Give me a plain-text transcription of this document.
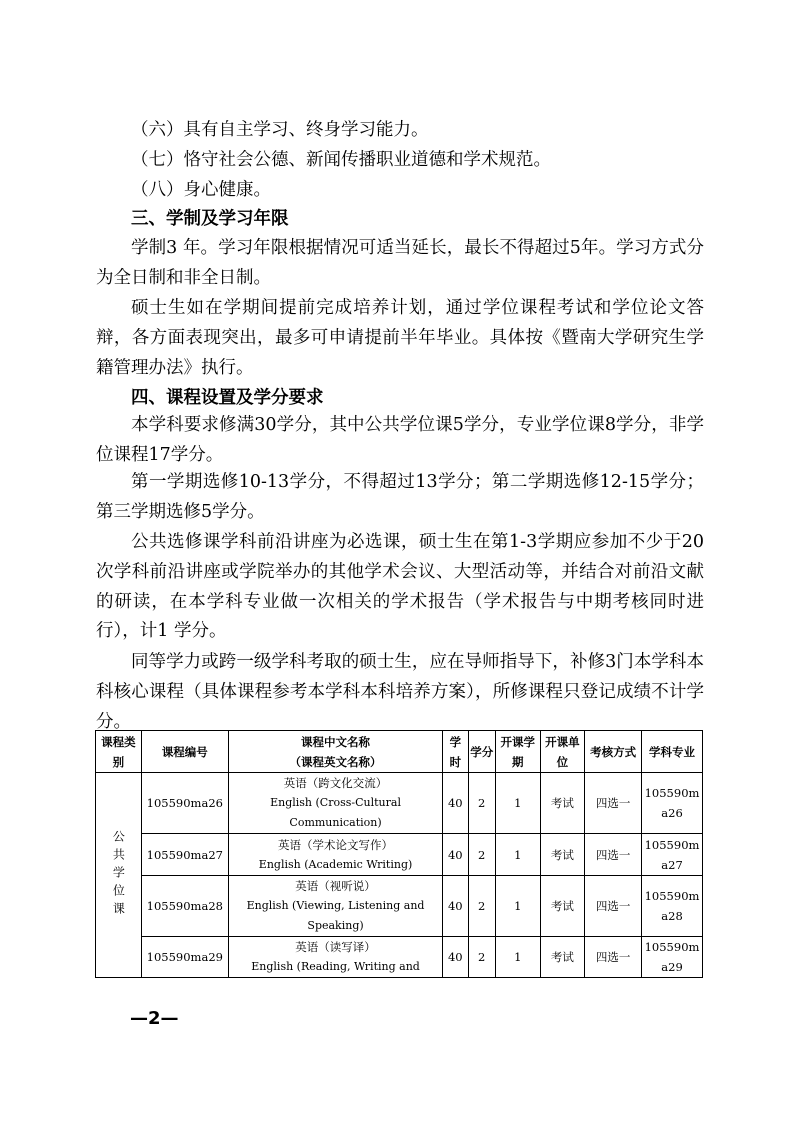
（六）具有自主学习、终身学习能力。

（七）恪守社会公德、新闻传播职业道德和学术规范。

（八）身心健康。

三、学制及学习年限

学制3 年。学习年限根据情况可适当延长，最长不得超过5年。学习方式分为全日制和非全日制。

硕士生如在学期间提前完成培养计划，通过学位课程考试和学位论文答辩，各方面表现突出，最多可申请提前半年毕业。具体按《暨南大学研究生学籍管理办法》执行。

四、课程设置及学分要求

本学科要求修满30学分，其中公共学位课5学分，专业学位课8学分，非学位课程17学分。

第一学期选修10-13学分，不得超过13学分；第二学期选修12-15学分；第三学期选修5学分。

公共选修课学科前沿讲座为必选课，硕士生在第1-3学期应参加不少于20次学科前沿讲座或学院举办的其他学术会议、大型活动等，并结合对前沿文献的研读，在本学科专业做一次相关的学术报告（学术报告与中期考核同时进行），计1 学分。

同等学力或跨一级学科考取的硕士生，应在导师指导下，补修3门本学科本科核心课程（具体课程参考本学科本科培养方案），所修课程只登记成绩不计学分。

课程类别	课程编号	课程中文名称
（课程英文名称）	学时	学分	开课学期	开课单位	考核方式	学科专业

公共学位课	105590ma26	英语（跨文化交流）
English (Cross-Cultural Communication)	40	2	1	考试	四选一	105590ma26
	105590ma27	英语（学术论文写作）
English (Academic Writing)	40	2	1	考试	四选一	105590ma27
	105590ma28	英语（视听说）
English (Viewing, Listening and Speaking)	40	2	1	考试	四选一	105590ma28
	105590ma29	英语（读写译）
English (Reading, Writing and	40	2	1	考试	四选一	105590ma29
—2—
